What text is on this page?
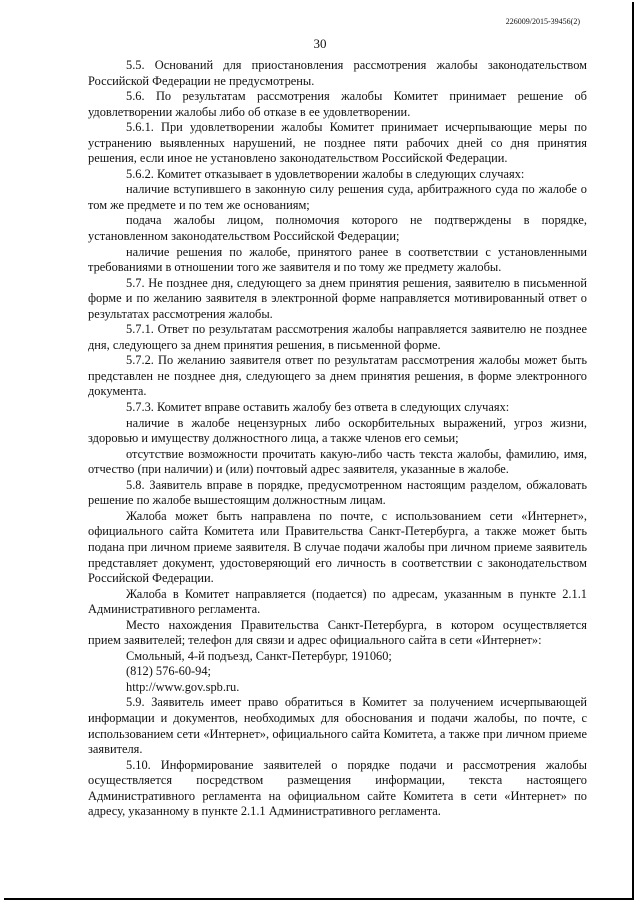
226009/2015-39456(2)
30

5.5. Оснований для приостановления рассмотрения жалобы законодательством Российской Федерации не предусмотрены.

5.6. По результатам рассмотрения жалобы Комитет принимает решение об удовлетворении жалобы либо об отказе в ее удовлетворении.

5.6.1. При удовлетворении жалобы Комитет принимает исчерпывающие меры по устранению выявленных нарушений, не позднее пяти рабочих дней со дня принятия решения, если иное не установлено законодательством Российской Федерации.

5.6.2. Комитет отказывает в удовлетворении жалобы в следующих случаях:

наличие вступившего в законную силу решения суда, арбитражного суда по жалобе о том же предмете и по тем же основаниям;

подача жалобы лицом, полномочия которого не подтверждены в порядке, установленном законодательством Российской Федерации;

наличие решения по жалобе, принятого ранее в соответствии с установленными требованиями в отношении того же заявителя и по тому же предмету жалобы.

5.7. Не позднее дня, следующего за днем принятия решения, заявителю в письменной форме и по желанию заявителя в электронной форме направляется мотивированный ответ о результатах рассмотрения жалобы.

5.7.1. Ответ по результатам рассмотрения жалобы направляется заявителю не позднее дня, следующего за днем принятия решения, в письменной форме.

5.7.2. По желанию заявителя ответ по результатам рассмотрения жалобы может быть представлен не позднее дня, следующего за днем принятия решения, в форме электронного документа.

5.7.3. Комитет вправе оставить жалобу без ответа в следующих случаях:

наличие в жалобе нецензурных либо оскорбительных выражений, угроз жизни, здоровью и имуществу должностного лица, а также членов его семьи;

отсутствие возможности прочитать какую-либо часть текста жалобы, фамилию, имя, отчество (при наличии) и (или) почтовый адрес заявителя, указанные в жалобе.

5.8. Заявитель вправе в порядке, предусмотренном настоящим разделом, обжаловать решение по жалобе вышестоящим должностным лицам.

Жалоба может быть направлена по почте, с использованием сети «Интернет», официального сайта Комитета или Правительства Санкт-Петербурга, а также может быть подана при личном приеме заявителя. В случае подачи жалобы при личном приеме заявитель представляет документ, удостоверяющий его личность в соответствии с законодательством Российской Федерации.

Жалоба в Комитет направляется (подается) по адресам, указанным в пункте 2.1.1 Административного регламента.

Место нахождения Правительства Санкт-Петербурга, в котором осуществляется прием заявителей; телефон для связи и адрес официального сайта в сети «Интернет»:

Смольный, 4-й подъезд, Санкт-Петербург, 191060;

(812) 576-60-94;

http://www.gov.spb.ru.

5.9. Заявитель имеет право обратиться в Комитет за получением исчерпывающей информации и документов, необходимых для обоснования и подачи жалобы, по почте, с использованием сети «Интернет», официального сайта Комитета, а также при личном приеме заявителя.

5.10. Информирование заявителей о порядке подачи и рассмотрения жалобы осуществляется посредством размещения информации, текста настоящего Административного регламента на официальном сайте Комитета в сети «Интернет» по адресу, указанному в пункте 2.1.1 Административного регламента.
